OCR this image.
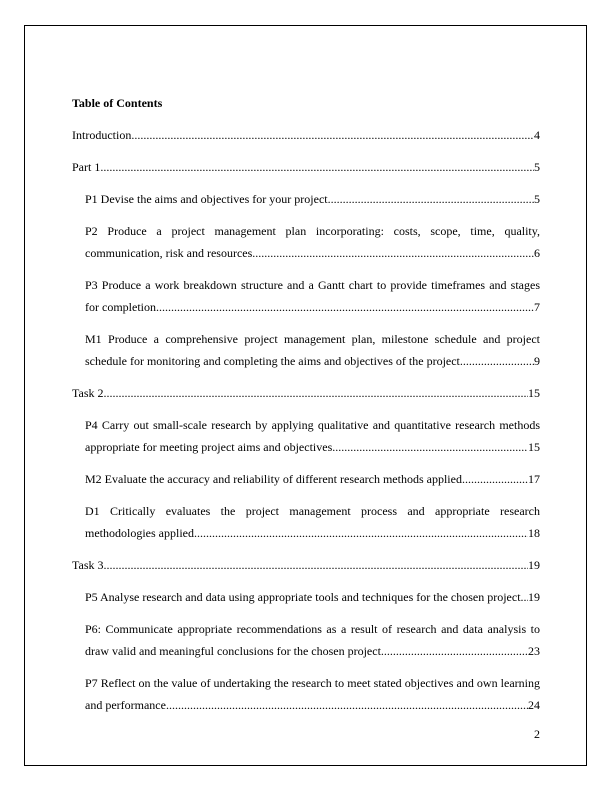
Table of Contents
Introduction .....	4
Part 1 .....	5
P1 Devise the aims and objectives for your project .....	5
P2 Produce a project management plan incorporating: costs, scope, time, quality,
communication, risk and resources .....	6
P3 Produce a work breakdown structure and a Gantt chart to provide timeframes and stages
for completion .....	7
M1 Produce a comprehensive project management plan, milestone schedule and project
schedule for monitoring and completing the aims and objectives of the project .....	9
Task 2 .....	15
P4 Carry out small-scale research by applying qualitative and quantitative research methods
appropriate for meeting project aims and objectives. .....	15
M2 Evaluate the accuracy and reliability of different research methods applied .....	17
D1 Critically evaluates the project management process and appropriate research
methodologies applied .....	18
Task 3 .....	19
P5 Analyse research and data using appropriate tools and techniques for the chosen project ..... 19
P6: Communicate appropriate recommendations as a result of research and data analysis to
draw valid and meaningful conclusions for the chosen project .....	23
P7 Reflect on the value of undertaking the research to meet stated objectives and own learning
and performance. .....	24
2
